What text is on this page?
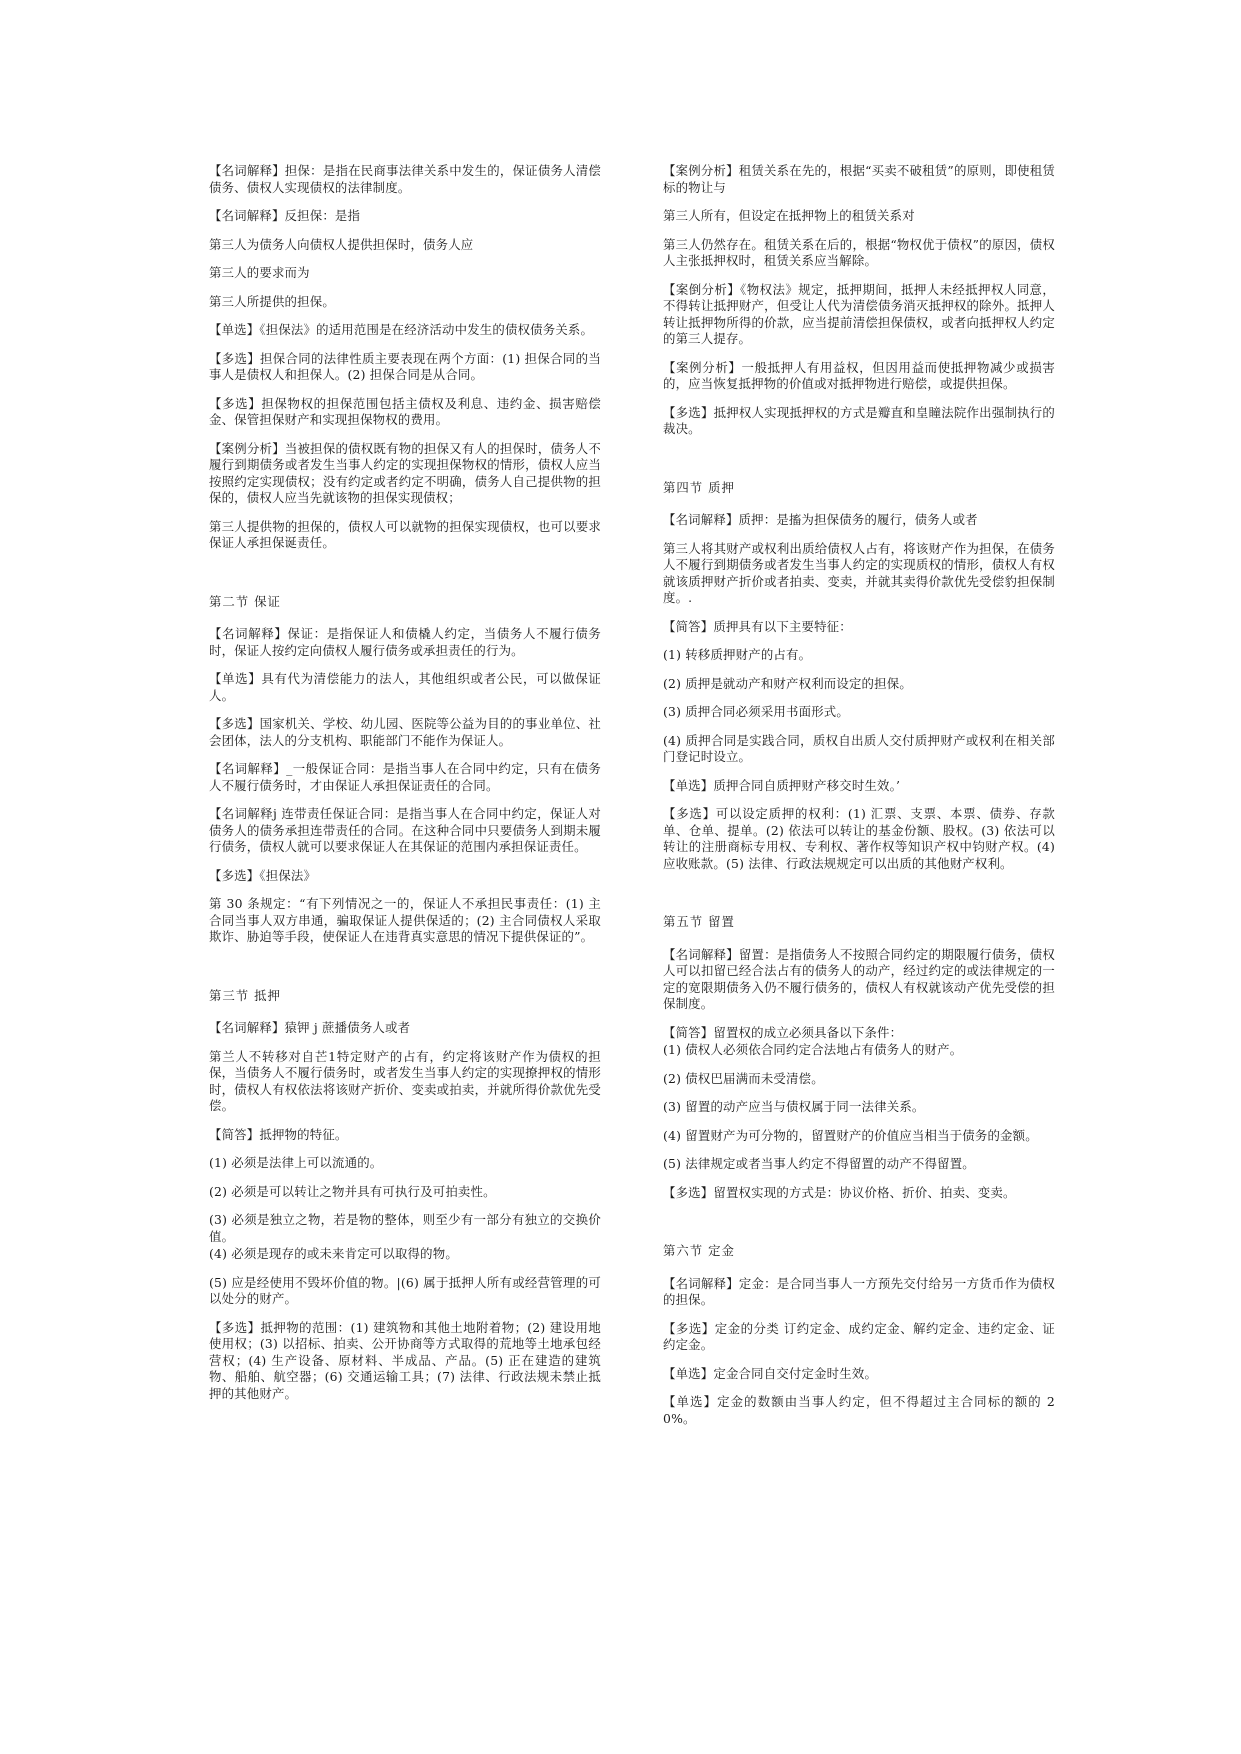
【名词解释】担保：是指在民商事法律关系中发生的，保证债务人清偿债务、债权人实现债权的法律制度。
【名词解释】反担保：是指
第三人为债务人向债权人提供担保时，债务人应
第三人的要求而为
第三人所提供的担保。
【单选】《担保法》的适用范围是在经济活动中发生的债权债务关系。
【多选】担保合同的法律性质主要表现在两个方面：(1) 担保合同的当事人是债权人和担保人。(2) 担保合同是从合同。
【多选】担保物权的担保范围包括主债权及利息、违约金、损害赔偿金、保管担保财产和实现担保物权的费用。
【案例分析】当被担保的债权既有物的担保又有人的担保时，债务人不履行到期债务或者发生当事人约定的实现担保物权的情形，债权人应当按照约定实现债权；没有约定或者约定不明确，债务人自己提供物的担保的，债权人应当先就该物的担保实现债权；
第三人提供物的担保的，债权人可以就物的担保实现债权，也可以要求保证人承担保诞责任。
第二节 保证
【名词解释】保证：是指保证人和债橇人约定，当债务人不履行债务时，保证人按约定向债权人履行债务或承担责任的行为。
【单选】具有代为清偿能力的法人，其他组织或者公民，可以做保证人。
【多选】国家机关、学校、幼儿园、医院等公益为目的的事业单位、社会团体，法人的分支机构、职能部门不能作为保证人。
【名词解释】_一般保证合同：是指当事人在合同中约定，只有在债务人不履行债务时，才由保证人承担保证责任的合同。
【名词解释j 连带责任保证合同：是指当事人在合同中约定，保证人对债务人的债务承担连带责任的合同。在这种合同中只要债务人到期未履行债务，债权人就可以要求保证人在其保证的范围内承担保证责任。
【多选】《担保法》
第 30 条规定：“有下列情况之一的，保证人不承担民事责任：(1) 主合同当事人双方串通，骗取保证人提供保适的；(2) 主合同债权人采取欺诈、胁迫等手段，使保证人在违背真实意思的情况下提供保证的”。
第三节 抵押
【名词解释】猿钾 j 蔗播债务人或者
第兰人不转移对自芒1特定财产的占有，约定将该财产作为债权的担保，当债务人不履行债务时，或者发生当事人约定的实现撩押权的情形时，债权人有权依法将该财产折价、变卖或拍卖，并就所得价款优先受偿。
【简答】抵押物的特征。
(1) 必须是法律上可以流通的。
(2) 必须是可以转让之物并具有可执行及可拍卖性。
(3) 必须是独立之物，若是物的整体，则至少有一部分有独立的交换价值。
(4) 必须是现存的或未来肯定可以取得的物。
(5) 应是经使用不毁坏价值的物。|(6) 属于抵押人所有或经营管理的可以处分的财产。
【多选】抵押物的范围：(1) 建筑物和其他土地附着物；(2) 建设用地使用权；(3) 以招标、拍卖、公开协商等方式取得的荒地等土地承包经营权；(4) 生产设备、原材料、半成品、产品。(5) 正在建造的建筑物、船舶、航空器；(6) 交通运输工具；(7) 法律、行政法规未禁止抵押的其他财产。
【案例分析】租赁关系在先的，根据“买卖不破租赁”的原则，即使租赁标的物让与
第三人所有，但设定在抵押物上的租赁关系对
第三人仍然存在。租赁关系在后的，根据“物权优于债权”的原因，债权人主张抵押权时，租赁关系应当解除。
【案倒分析】《物权法》规定，抵押期间，抵押人未经抵押权人同意，不得转让抵押财产，但受让人代为清偿债务消灭抵押权的除外。抵押人转让抵押物所得的价款，应当提前清偿担保债权，或者向抵押权人约定的第三人提存。
【案例分析】一般抵押人有用益权，但因用益而使抵押物减少或损害的，应当恢复抵押物的价值或对抵押物进行赔偿，或提供担保。
【多选】抵押权人实现抵押权的方式是瓣直和皇瞳法院作出强制执行的裁决。
第四节 质押
【名词解释】质押：是搐为担保债务的履行，债务人或者
第三人将其财产或权利出质给债权人占有，将该财产作为担保，在债务人不履行到期债务或者发生当事人约定的实现质权的情形，债权人有权就该质押财产折价或者拍卖、变卖，并就其卖得价款优先受偿豹担保制度。.
【简答】质押具有以下主要特征：
(1) 转移质押财产的占有。
(2) 质押是就动产和财产权利而设定的担保。
(3) 质押合同必须采用书面形式。
(4) 质押合同是实践合同，质权自出质人交付质押财产或权利在相关部门登记时设立。
【单选】质押合同自质押财产移交时生效。’
【多选】可以设定质押的权利：(1) 汇票、支票、本票、债券、存款单、仓单、提单。(2) 依法可以转让的基金份额、股权。(3) 依法可以转让的注册商标专用权、专利权、著作权等知识产权中钧财产权。(4) 应收账款。(5) 法律、行政法规规定可以出质的其他财产权利。
第五节 留置
【名词解释】留置：是指债务人不按照合同约定的期限履行债务，债权人可以扣留已经合法占有的债务人的动产，经过约定的或法律规定的一定的宽限期债务入仍不履行债务的，债权人有权就该动产优先受偿的担保制度。
【简答】留置权的成立必须具备以下条件：
(1) 债权人必须依合同约定合法地占有债务人的财产。
(2) 债权巴届满而未受清偿。
(3) 留置的动产应当与债权属于同一法律关系。
(4) 留置财产为可分物的，留置财产的价值应当相当于债务的金额。
(5) 法律规定或者当事人约定不得留置的动产不得留置。
【多选】留置权实现的方式是：协议价格、折价、拍卖、变卖。
第六节 定金
【名词解释】定金：是合同当事人一方预先交付给另一方货币作为债权的担保。
【多选】定金的分类 订约定金、成约定金、解约定金、违约定金、证约定金。
【单选】定金合同自交付定金时生效。
【单选】定金的数额由当事人约定，但不得超过主合同标的额的 20%。
